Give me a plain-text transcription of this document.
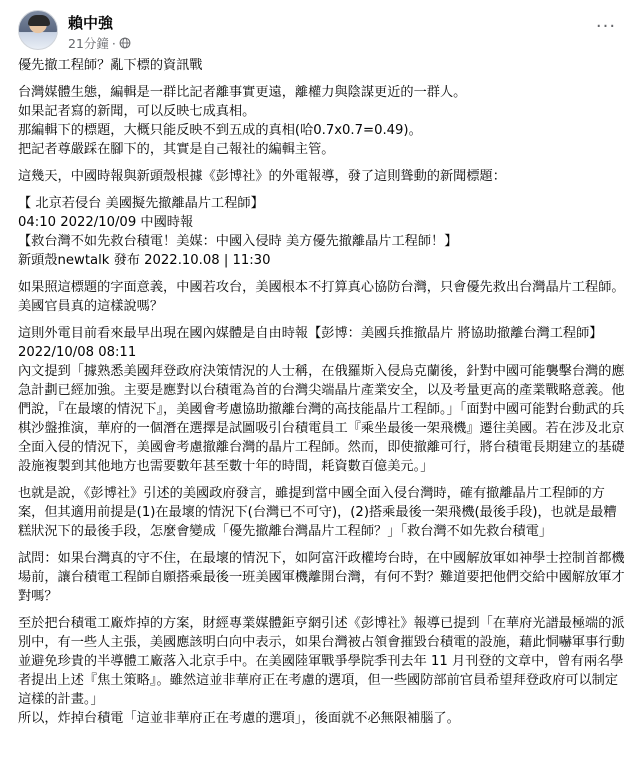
賴中強
21分鐘 ·
···

優先撤工程師？亂下標的資訊戰

台灣媒體生態，編輯是一群比記者離事實更遠，離權力與陰謀更近的一群人。
如果記者寫的新聞，可以反映七成真相。
那編輯下的標題，大概只能反映不到五成的真相(哈0.7x0.7=0.49)。
把記者尊嚴踩在腳下的，其實是自己報社的編輯主管。

這幾天，中國時報與新頭殼根據《彭博社》的外電報導，發了這則聳動的新聞標題：

【 北京若侵台 美國擬先撤離晶片工程師】
04:10 2022/10/09 中國時報
【救台灣不如先救台積電！美媒：中國入侵時 美方優先撤離晶片工程師！】
新頭殼newtalk 發布 2022.10.08 | 11:30

如果照這標題的字面意義，中國若攻台，美國根本不打算真心協防台灣，只會優先救出台灣晶片工程師。美國官員真的這樣說嗎？

這則外電目前看來最早出現在國內媒體是自由時報【彭博：美國兵推撤晶片 將協助撤離台灣工程師】2022/10/08 08:11
內文提到「據熟悉美國拜登政府決策情況的人士稱，在俄羅斯入侵烏克蘭後，針對中國可能襲擊台灣的應急計劃已經加強。主要是應對以台積電為首的台灣尖端晶片產業安全，以及考量更高的產業戰略意義。他們說，『在最壞的情況下』，美國會考慮協助撤離台灣的高技能晶片工程師。」「面對中國可能對台動武的兵棋沙盤推演，華府的一個潛在選擇是試圖吸引台積電員工『乘坐最後一架飛機』遷往美國。若在涉及北京全面入侵的情況下，美國會考慮撤離台灣的晶片工程師。然而，即使撤離可行，將台積電長期建立的基礎設施複製到其他地方也需要數年甚至數十年的時間，耗資數百億美元。」

也就是說，《彭博社》引述的美國政府發言，雖提到當中國全面入侵台灣時，確有撤離晶片工程師的方案，但其適用前提是(1)在最壞的情況下(台灣已不可守)，(2)搭乘最後一架飛機(最後手段)，也就是最糟糕狀況下的最後手段，怎麼會變成「優先撤離台灣晶片工程師？」「救台灣不如先救台積電」

試問：如果台灣真的守不住，在最壞的情況下，如阿富汗政權垮台時，在中國解放軍如神學士控制首都機場前，讓台積電工程師自願搭乘最後一班美國軍機離開台灣，有何不對？難道要把他們交給中國解放軍才對嗎？

至於把台積電工廠炸掉的方案，財經專業媒體鉅亨網引述《彭博社》報導已提到「在華府光譜最極端的派別中，有一些人主張，美國應該明白向中表示，如果台灣被占領會摧毀台積電的設施，藉此恫嚇軍事行動並避免珍貴的半導體工廠落入北京手中。在美國陸軍戰爭學院季刊去年 11 月刊登的文章中，曾有兩名學者提出上述『焦土策略』。雖然這並非華府正在考慮的選項，但一些國防部前官員希望拜登政府可以制定這樣的計畫。」
所以，炸掉台積電「這並非華府正在考慮的選項」，後面就不必無限補腦了。
